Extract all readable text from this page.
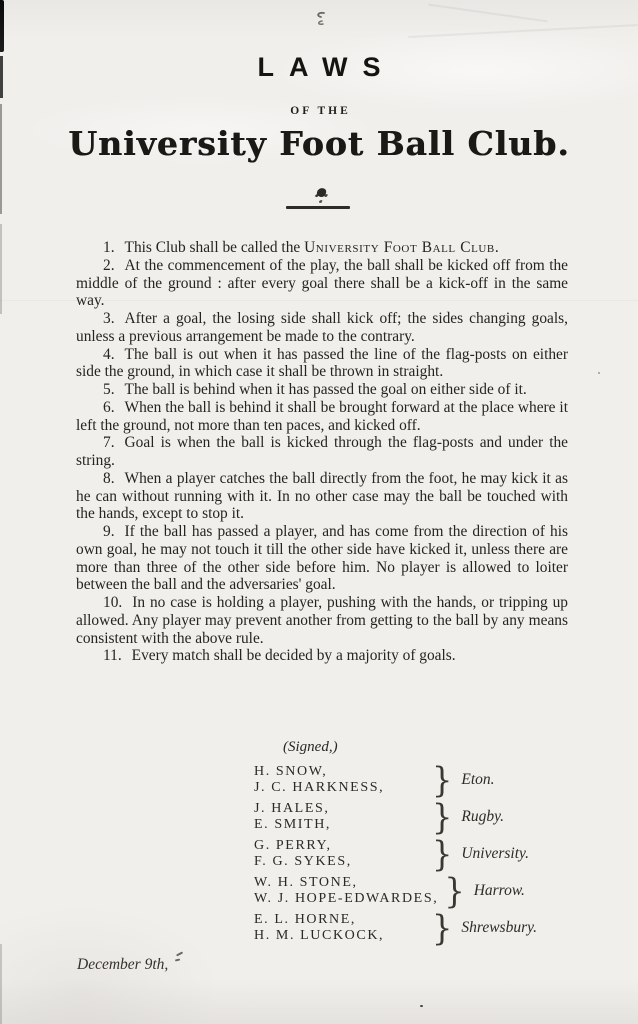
LAWS
OF THE
University Foot Ball Club.

1. This Club shall be called the University Foot Ball Club.

2. At the commencement of the play, the ball shall be kicked off from the middle of the ground : after every goal there shall be a kick-off in the same way.

3. After a goal, the losing side shall kick off; the sides changing goals, unless a previous arrangement be made to the contrary.

4. The ball is out when it has passed the line of the flag-posts on either side the ground, in which case it shall be thrown in straight.

5. The ball is behind when it has passed the goal on either side of it.

6. When the ball is behind it shall be brought forward at the place where it left the ground, not more than ten paces, and kicked off.

7. Goal is when the ball is kicked through the flag-posts and under the string.

8. When a player catches the ball directly from the foot, he may kick it as he can without running with it. In no other case may the ball be touched with the hands, except to stop it.

9. If the ball has passed a player, and has come from the direction of his own goal, he may not touch it till the other side have kicked it, unless there are more than three of the other side before him. No player is allowed to loiter between the ball and the adversaries' goal.

10. In no case is holding a player, pushing with the hands, or tripping up allowed. Any player may prevent another from getting to the ball by any means consistent with the above rule.

11. Every match shall be decided by a majority of goals.

(Signed,)
H. SNOW,
J. C. HARKNESS,	} Eton.
J. HALES,
E. SMITH,	} Rugby.
G. PERRY,
F. G. SYKES,	} University.
W. H. STONE,
W. J. HOPE-EDWARDES, } Harrow.
E. L. HORNE,
H. M. LUCKOCK,	} Shrewsbury.
December 9th,
